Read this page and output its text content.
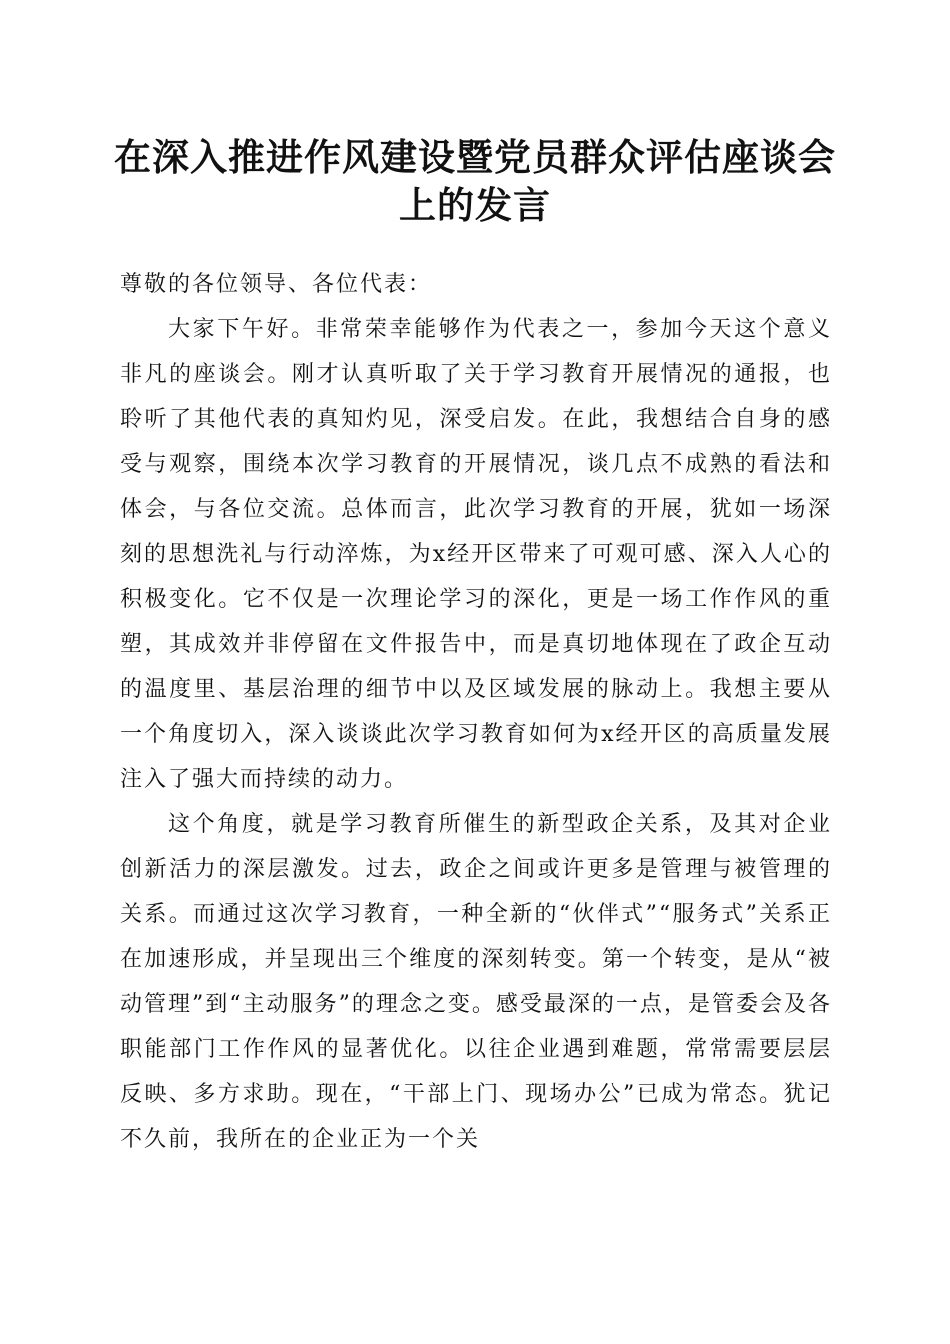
在深入推进作风建设暨党员群众评估座谈会上的发言

尊敬的各位领导、各位代表：

大家下午好。非常荣幸能够作为代表之一，参加今天这个意义非凡的座谈会。刚才认真听取了关于学习教育开展情况的通报，也聆听了其他代表的真知灼见，深受启发。在此，我想结合自身的感受与观察，围绕本次学习教育的开展情况，谈几点不成熟的看法和体会，与各位交流。总体而言，此次学习教育的开展，犹如一场深刻的思想洗礼与行动淬炼，为x经开区带来了可观可感、深入人心的积极变化。它不仅是一次理论学习的深化，更是一场工作作风的重塑，其成效并非停留在文件报告中，而是真切地体现在了政企互动的温度里、基层治理的细节中以及区域发展的脉动上。我想主要从一个角度切入，深入谈谈此次学习教育如何为x经开区的高质量发展注入了强大而持续的动力。

这个角度，就是学习教育所催生的新型政企关系，及其对企业创新活力的深层激发。过去，政企之间或许更多是管理与被管理的关系。而通过这次学习教育，一种全新的“伙伴式”“服务式”关系正在加速形成，并呈现出三个维度的深刻转变。第一个转变，是从“被动管理”到“主动服务”的理念之变。感受最深的一点，是管委会及各职能部门工作作风的显著优化。以往企业遇到难题，常常需要层层反映、多方求助。现在，“干部上门、现场办公”已成为常态。犹记不久前，我所在的企业正为一个关
